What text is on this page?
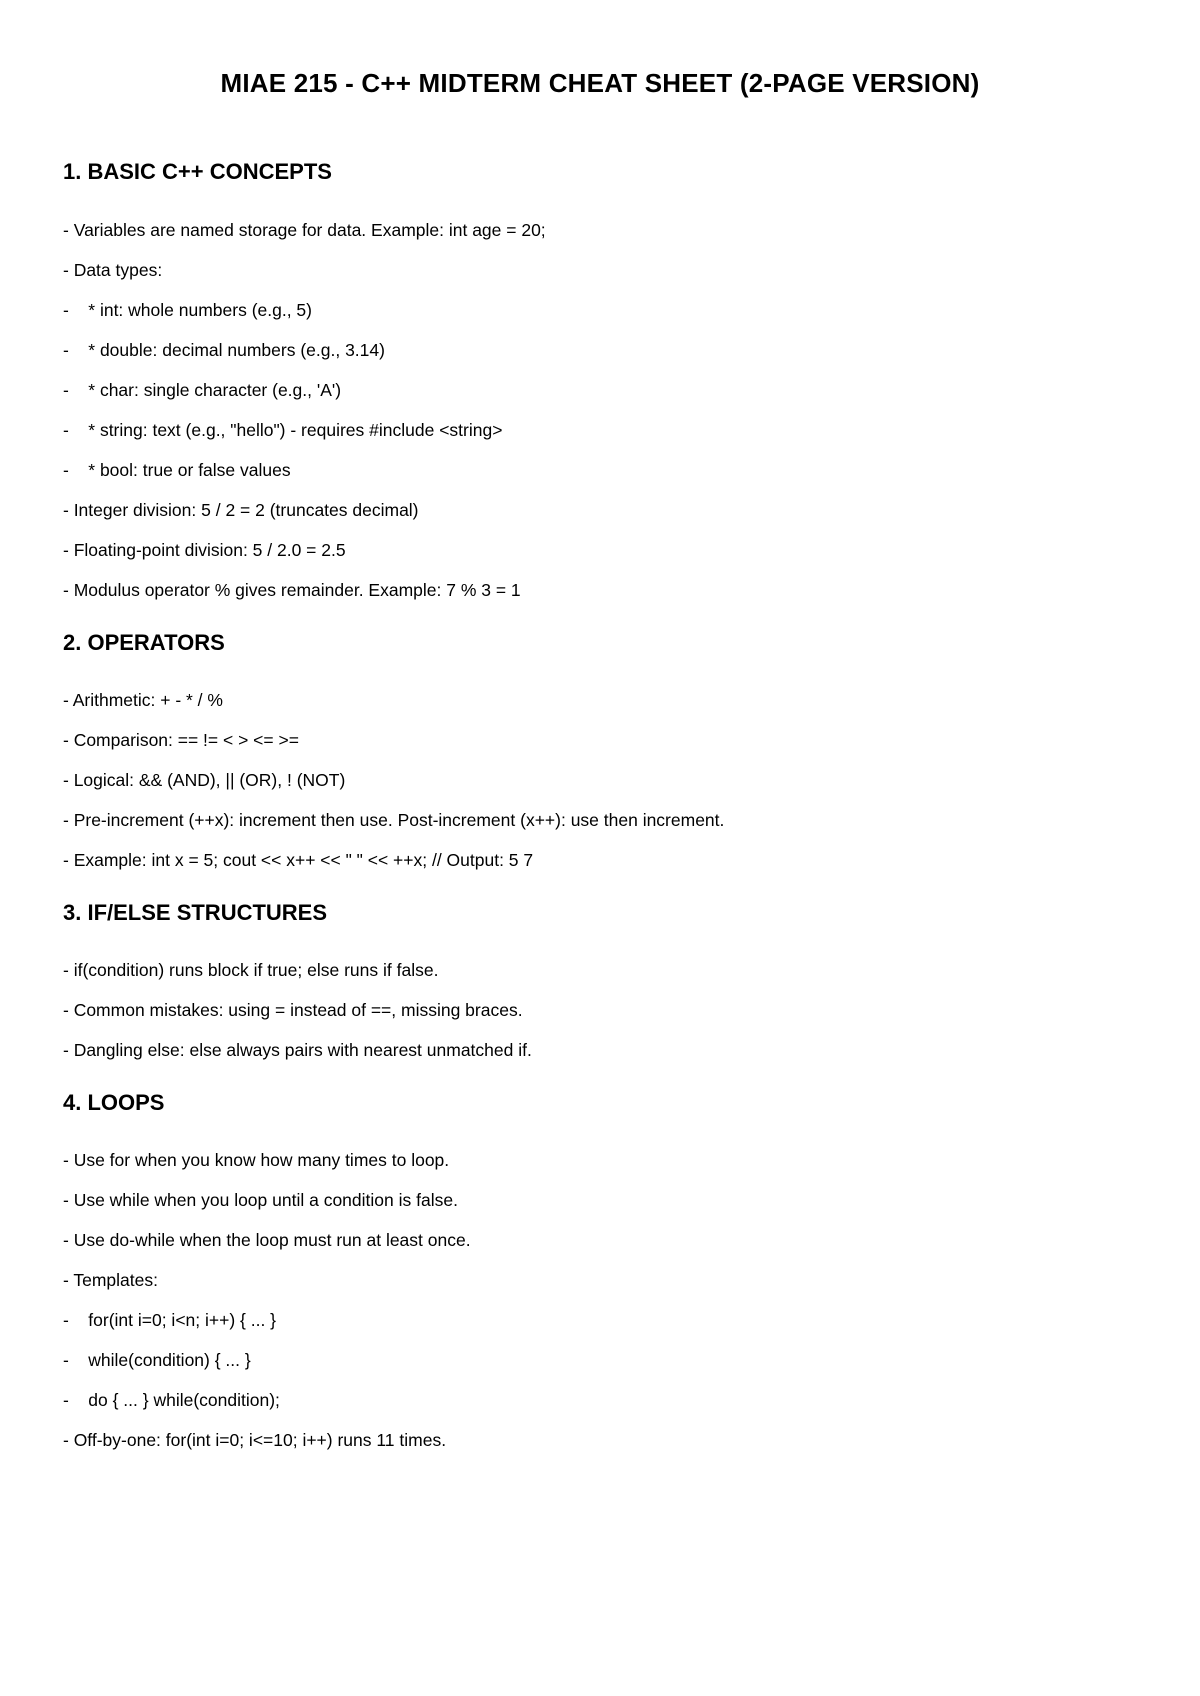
MIAE 215 - C++ MIDTERM CHEAT SHEET (2-PAGE VERSION)
1. BASIC C++ CONCEPTS

- Variables are named storage for data. Example: int age = 20;

- Data types:

-    * int: whole numbers (e.g., 5)

-    * double: decimal numbers (e.g., 3.14)

-    * char: single character (e.g., 'A')

-    * string: text (e.g., "hello") - requires #include <string>

-    * bool: true or false values

- Integer division: 5 / 2 = 2 (truncates decimal)

- Floating-point division: 5 / 2.0 = 2.5

- Modulus operator % gives remainder. Example: 7 % 3 = 1

2. OPERATORS

- Arithmetic: + - * / %

- Comparison: == != < > <= >=

- Logical: && (AND), || (OR), ! (NOT)

- Pre-increment (++x): increment then use. Post-increment (x++): use then increment.

- Example: int x = 5; cout << x++ << " " << ++x; // Output: 5 7

3. IF/ELSE STRUCTURES

- if(condition) runs block if true; else runs if false.

- Common mistakes: using = instead of ==, missing braces.

- Dangling else: else always pairs with nearest unmatched if.

4. LOOPS

- Use for when you know how many times to loop.

- Use while when you loop until a condition is false.

- Use do-while when the loop must run at least once.

- Templates:

-    for(int i=0; i<n; i++) { ... }

-    while(condition) { ... }

-    do { ... } while(condition);

- Off-by-one: for(int i=0; i<=10; i++) runs 11 times.
